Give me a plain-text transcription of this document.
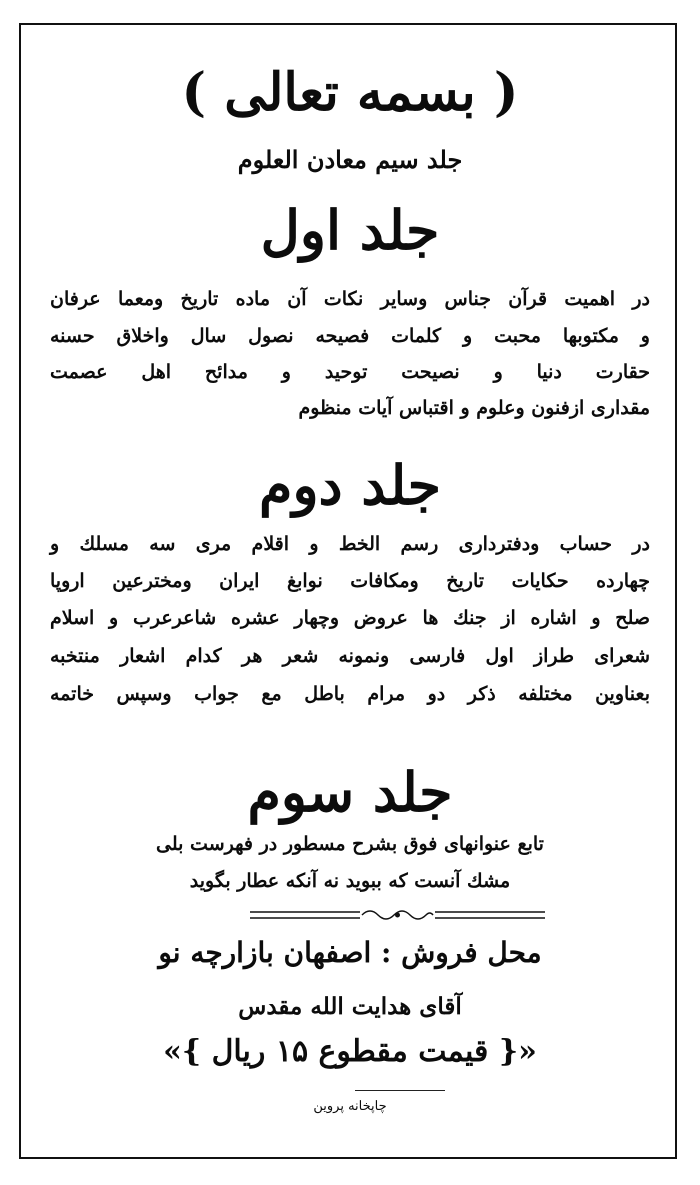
( بسمه تعالی )
جلد سیم معادن العلوم
جلد اول
در اهمیت قرآن جناس وسایر نکات آن ماده تاریخ ومعما عرفان
و مکتوبها محبت و کلمات فصیحه نصول سال واخلاق حسنه
حقارت دنیا و نصیحت توحید و مدائح اهل عصمت
مقداری ازفنون وعلوم و اقتباس آیات منظوم
جلد دوم
در حساب ودفترداری رسم الخط و اقلام مری سه مسلك و
چهارده حکایات تاریخ ومکافات نوابغ ایران ومخترعین اروپا
صلح و اشاره از جنك ها عروض وچهار عشره شاعرعرب و اسلام
شعرای طراز اول فارسی ونمونه شعر هر کدام اشعار منتخبه
بعناوین مختلفه ذکر دو مرام باطل مع جواب وسپس خاتمه
جلد سوم
تابع عنوانهای فوق بشرح مسطور در فهرست بلی
مشك آنست که ببوید نه آنکه عطار بگوید
محل فروش : اصفهان بازارچه نو
آقای هدایت الله مقدس
«{ قیمت مقطوع ۱۵ ریال }»
چاپخانه پروین
